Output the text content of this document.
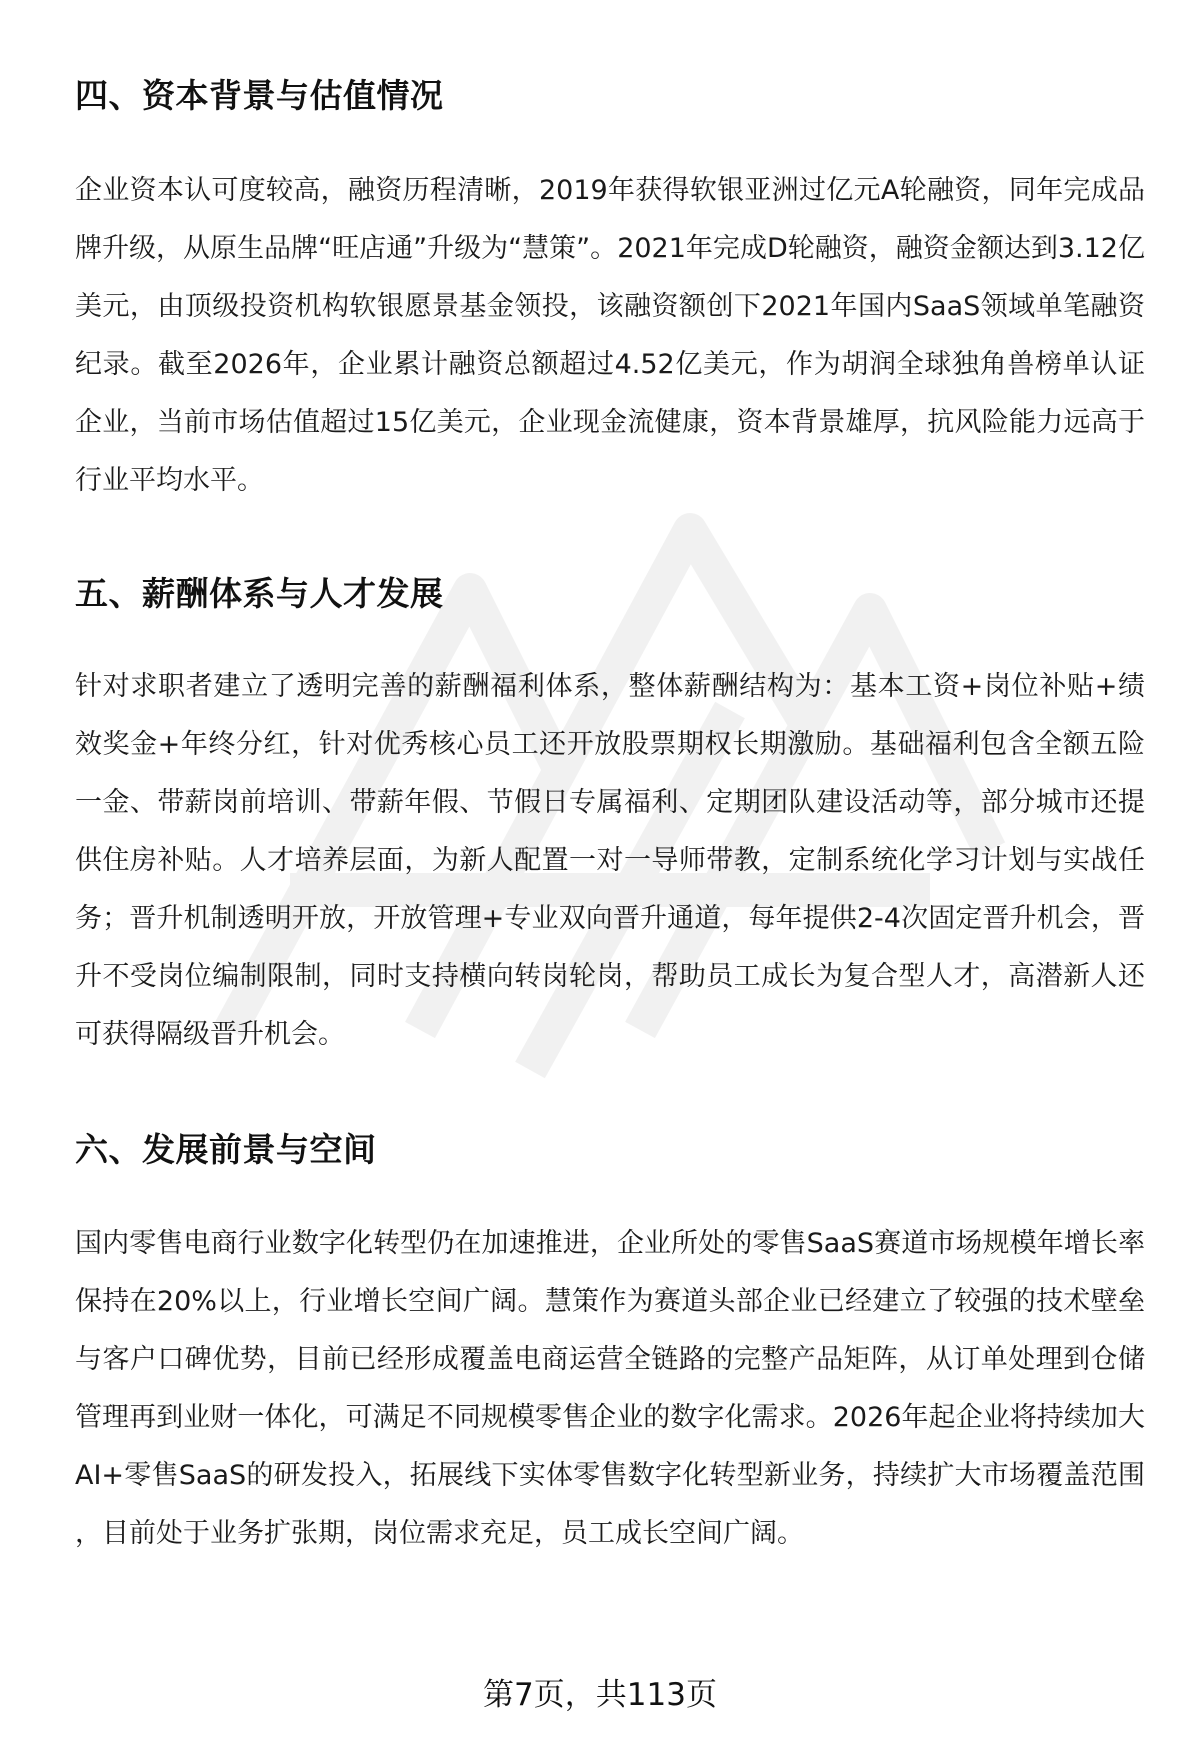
四、资本背景与估值情况

企业资本认可度较高，融资历程清晰，2019年获得软银亚洲过亿元A轮融资，同年完成品牌升级，从原生品牌“旺店通”升级为“慧策”。2021年完成D轮融资，融资金额达到3.12亿美元，由顶级投资机构软银愿景基金领投，该融资额创下2021年国内SaaS领域单笔融资纪录。截至2026年，企业累计融资总额超过4.52亿美元，作为胡润全球独角兽榜单认证企业，当前市场估值超过15亿美元，企业现金流健康，资本背景雄厚，抗风险能力远高于行业平均水平。

五、薪酬体系与人才发展

针对求职者建立了透明完善的薪酬福利体系，整体薪酬结构为：基本工资+岗位补贴+绩效奖金+年终分红，针对优秀核心员工还开放股票期权长期激励。基础福利包含全额五险一金、带薪岗前培训、带薪年假、节假日专属福利、定期团队建设活动等，部分城市还提供住房补贴。人才培养层面，为新人配置一对一导师带教，定制系统化学习计划与实战任务；晋升机制透明开放，开放管理+专业双向晋升通道，每年提供2-4次固定晋升机会，晋升不受岗位编制限制，同时支持横向转岗轮岗，帮助员工成长为复合型人才，高潜新人还可获得隔级晋升机会。

六、发展前景与空间

国内零售电商行业数字化转型仍在加速推进，企业所处的零售SaaS赛道市场规模年增长率保持在20%以上，行业增长空间广阔。慧策作为赛道头部企业已经建立了较强的技术壁垒与客户口碑优势，目前已经形成覆盖电商运营全链路的完整产品矩阵，从订单处理到仓储管理再到业财一体化，可满足不同规模零售企业的数字化需求。2026年起企业将持续加大AI+零售SaaS的研发投入，拓展线下实体零售数字化转型新业务，持续扩大市场覆盖范围，目前处于业务扩张期，岗位需求充足，员工成长空间广阔。

第7页，共113页
